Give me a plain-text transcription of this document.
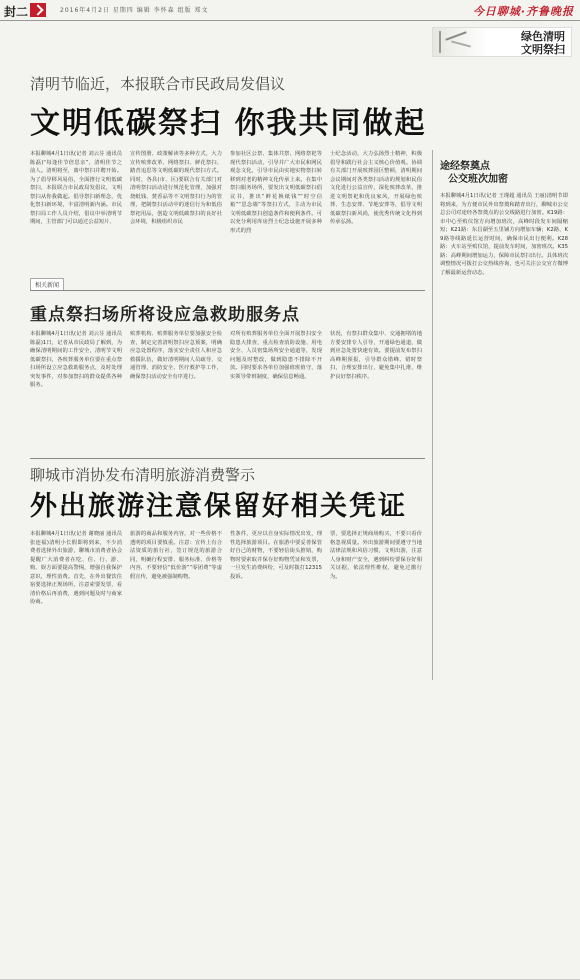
封二	2016年4月2日 星期四 编辑 李怀森 组版 郑文	今日聊城·齐鲁晚报
绿色清明
文明祭扫
清明节临近，本报联合市民政局发倡议
文明低碳祭扫 你我共同做起
本报聊城4月1日讯(记者 刘云芬 通讯员 陈磊)“每逢佳节倍思亲”，清明佳节之前人。清明将至，离中祭扫并聘开始。为了倡导移风易俗，全面推行文明低碳祭扫，本报联合市民政局发倡议，文明祭扫从你我做起。倡导祭扫新理念，优化祭扫新环境，丰富清明新内涵。市民祭扫局工作人员介绍，倡议中举清明节期间，主管部门可以通过公益短片、
宣传图册、政策解读等多种方式，大力宣传殡葬改革、网络祭扫、鲜花祭扫、踏青追思等文明低碳的现代祭扫方式。同时，各县(市、区)要联合有关部门对清明祭扫活动进行规范化管理，加强对烧纸钱、焚香品等不文明祭扫行为的管理，把制祭扫活动中的迷信行为和低俗祭祀用品，创造文明低碳祭扫的良好社会环境，积极组织市民
参加社区公祭、集体共祭、网络祭祀等现代祭扫活动，引导并广大市民和网民观念文化，引导市民由实地实物祭扫转移到对老的精神文化传承上来。在集中祭扫服务场所，要发出文明低碳祭扫倡议书，推出“鲜花换纸钱”“时空信箱”“思念墙”等祭扫方式，主动为市民文明低碳祭扫创造条件和便利条件。可以充分利用库房烈士纪念设施开展多种形式的烈
士纪念活动，大力弘扬烈士精神，积极倡导和践行社会主义核心价值观。协调有关部门开展殡葬园区整顿，清明期间会议期间对各类祭扫活动的规划和民俗文化进行公益宣传，深化殡葬改革，推进文明祭祀和优良家风，开展绿色殡葬、生态安葬、节地安葬等，倡导文明低碳祭扫新风尚，使优秀传统文化得到传承弘扬。
相关新闻
重点祭扫场所将设应急救助服务点
本报聊城4月1日讯(记者 刘云芬 通讯员 陈磊)1日，记者从市民政局了解到，为确保清明期间的工作安全，清明节文明低碳祭扫，各殡葬服务单位要在重点祭扫场所设立应急救助服务点，及时处理突发事件，对参加祭扫的群众提供各种服务。
殡葬机构、殡葬服务单位要加强安全检查，制定完善清明祭扫应急预案，明确应急处置程序，落实安全责任人和应急救援队伍，做好清明期间人员疏导、交通管理、消防安全、医疗救护等工作，确保祭扫活动安全有序进行。
对所有殡葬服务单位全面开展祭扫安全隐患大排查，重点检查消防设施、用电安全、人员密集场所安全通道等，发现问题及时整改，做到隐患不排除不开放。同时要求各单位加强值班值守，落实领导带班制度，确保信息畅通。
状况，有祭扫群众集中、交通拥堵的地方要安排专人引导，开通绿色通道，做到应急处置快速有效。要提前发布祭扫高峰期预报，引导群众错峰、错时祭扫，合理安排出行，避免集中扎堆，维护良好祭扫秩序。
聊城市消协发布清明旅游消费警示
外出旅游注意保留好相关凭证
本报聊城4月1日讯(记者 谢晓丽 通讯员 张连福)清明小长假即将到来，不少消费者选择外出旅游，聊城市消费者协会提醒广大消费者在吃、住、行、游、购、娱方面要提高警惕，增强自我保护意识，理性消费。首先，在外出餐饮住宿要选择正规场所，注意索要发票，看清价格后再消费，遇到问题及时与商家协商。
旅游的商品和服务内容，对一些价格不透明的项目要慎重。注意：宣传上有合法资质的旅行社，签订规范的旅游合同，明确行程安排、服务标准、价格等内容，不要轻信“低价游”“零团费”等虚假宣传，避免被强制购物。
性条件，更应以自身实际情况出发，理性选择旅游项目。在旅游中要妥善保管好自己的财物，不要轻信街头推销，购物时要索取并保存好购物凭证和发票，一旦发生消费纠纷，可及时拨打12315投诉。
票，要选择正规商场购买，不要只看价格忽视质量。外出旅游期间要遵守当地法律法规和风俗习惯，文明出游，注意人身和财产安全，遇到纠纷要保存好相关证据，依法理性维权，避免过激行为。
途经祭奠点
公交班次加密
本报聊城4月1日讯(记者 王瑾超 通讯员 王丽)清明节即将到来，为方便市民外出祭奠和踏青出行，聊城市公交总公司对途经各祭奠点的公交线路进行加密。K19路：市中心至殡仪馆方向增加班次，高峰时段发车间隔缩短；K21路：东昌湖至五里铺方向增加车辆；K2路、K9路等线路延长运营时间，确保市民出行便利。K28路：火车站至殡仪馆，提前发车时间，加密班次。K35路：高峰期间增加运力，保障市民祭扫出行。具体班次调整情况可拨打公交热线咨询，也可关注公交官方微博了解最新运营动态。
